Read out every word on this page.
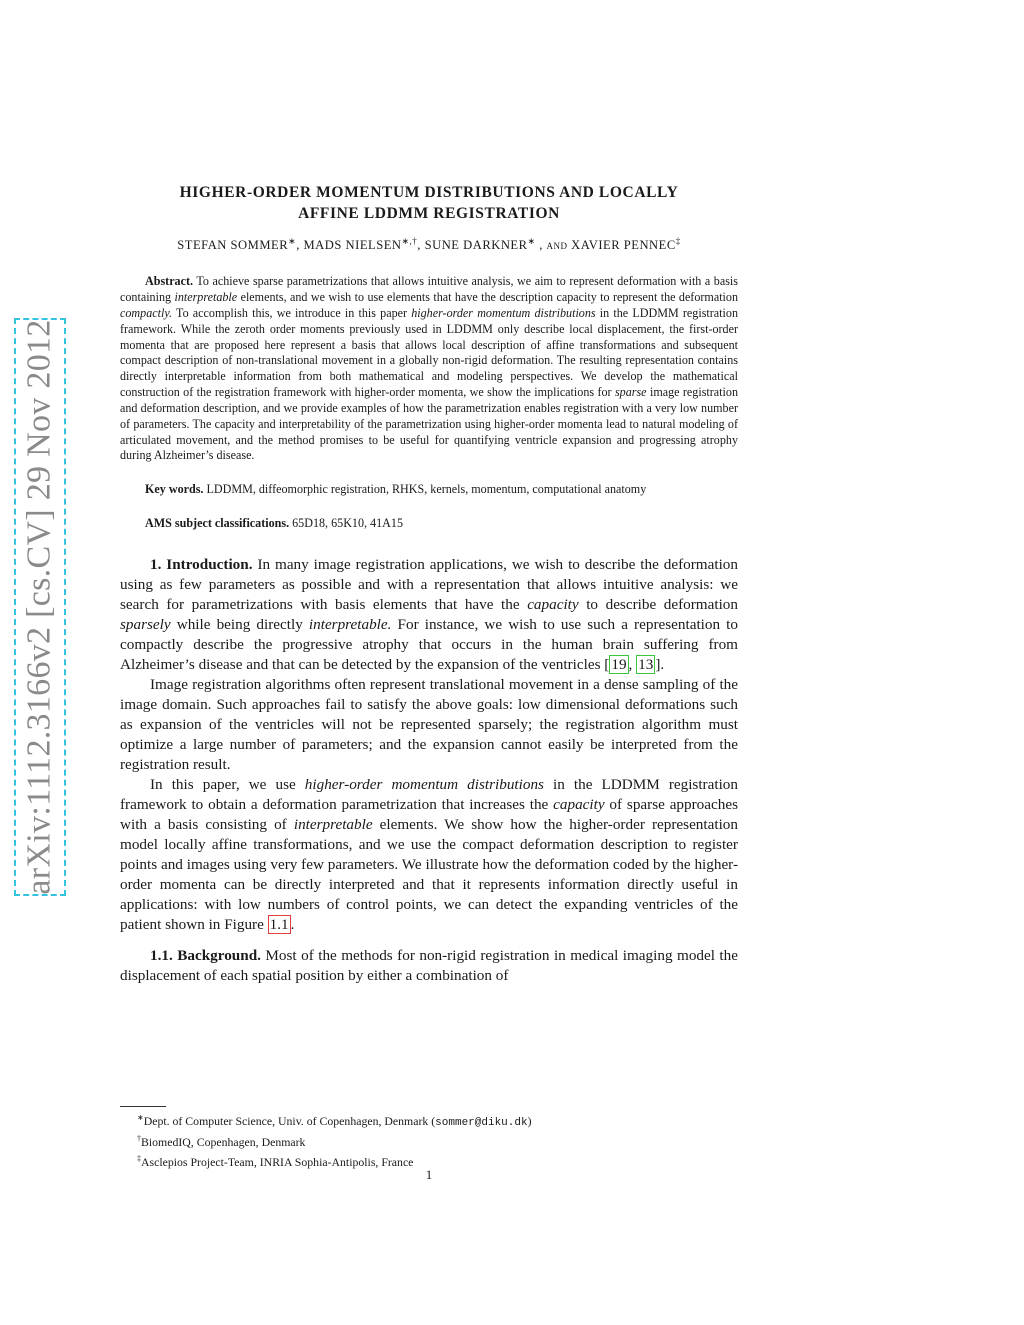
arXiv:1112.3166v2 [cs.CV] 29 Nov 2012
HIGHER-ORDER MOMENTUM DISTRIBUTIONS AND LOCALLY
AFFINE LDDMM REGISTRATION
STEFAN SOMMER∗, MADS NIELSEN∗,†, SUNE DARKNER∗ , and XAVIER PENNEC‡
Abstract. To achieve sparse parametrizations that allows intuitive analysis, we aim to represent deformation with a basis containing interpretable elements, and we wish to use elements that have the description capacity to represent the deformation compactly. To accomplish this, we introduce in this paper higher-order momentum distributions in the LDDMM registration framework. While the zeroth order moments previously used in LDDMM only describe local displacement, the first-order momenta that are proposed here represent a basis that allows local description of affine transformations and subsequent compact description of non-translational movement in a globally non-rigid deformation. The resulting representation contains directly interpretable information from both mathematical and modeling perspectives. We develop the mathematical construction of the registration framework with higher-order momenta, we show the implications for sparse image registration and deformation description, and we provide examples of how the parametrization enables registration with a very low number of parameters. The capacity and interpretability of the parametrization using higher-order momenta lead to natural modeling of articulated movement, and the method promises to be useful for quantifying ventricle expansion and progressing atrophy during Alzheimer’s disease.
Key words. LDDMM, diffeomorphic registration, RHKS, kernels, momentum, computational anatomy
AMS subject classifications. 65D18, 65K10, 41A15

1. Introduction. In many image registration applications, we wish to describe the deformation using as few parameters as possible and with a representation that allows intuitive analysis: we search for parametrizations with basis elements that have the capacity to describe deformation sparsely while being directly interpretable. For instance, we wish to use such a representation to compactly describe the progressive atrophy that occurs in the human brain suffering from Alzheimer’s disease and that can be detected by the expansion of the ventricles [ 19 , 13 ].

Image registration algorithms often represent translational movement in a dense sampling of the image domain. Such approaches fail to satisfy the above goals: low dimensional deformations such as expansion of the ventricles will not be represented sparsely; the registration algorithm must optimize a large number of parameters; and the expansion cannot easily be interpreted from the registration result.

In this paper, we use higher-order momentum distributions in the LDDMM registration framework to obtain a deformation parametrization that increases the capacity of sparse approaches with a basis consisting of interpretable elements. We show how the higher-order representation model locally affine transformations, and we use the compact deformation description to register points and images using very few parameters. We illustrate how the deformation coded by the higher-order momenta can be directly interpreted and that it represents information directly useful in applications: with low numbers of control points, we can detect the expanding ventricles of the patient shown in Figure 1.1 .

1.1. Background. Most of the methods for non-rigid registration in medical imaging model the displacement of each spatial position by either a combination of

∗Dept. of Computer Science, Univ. of Copenhagen, Denmark (sommer@diku.dk)
†BiomedIQ, Copenhagen, Denmark
‡Asclepios Project-Team, INRIA Sophia-Antipolis, France
1
